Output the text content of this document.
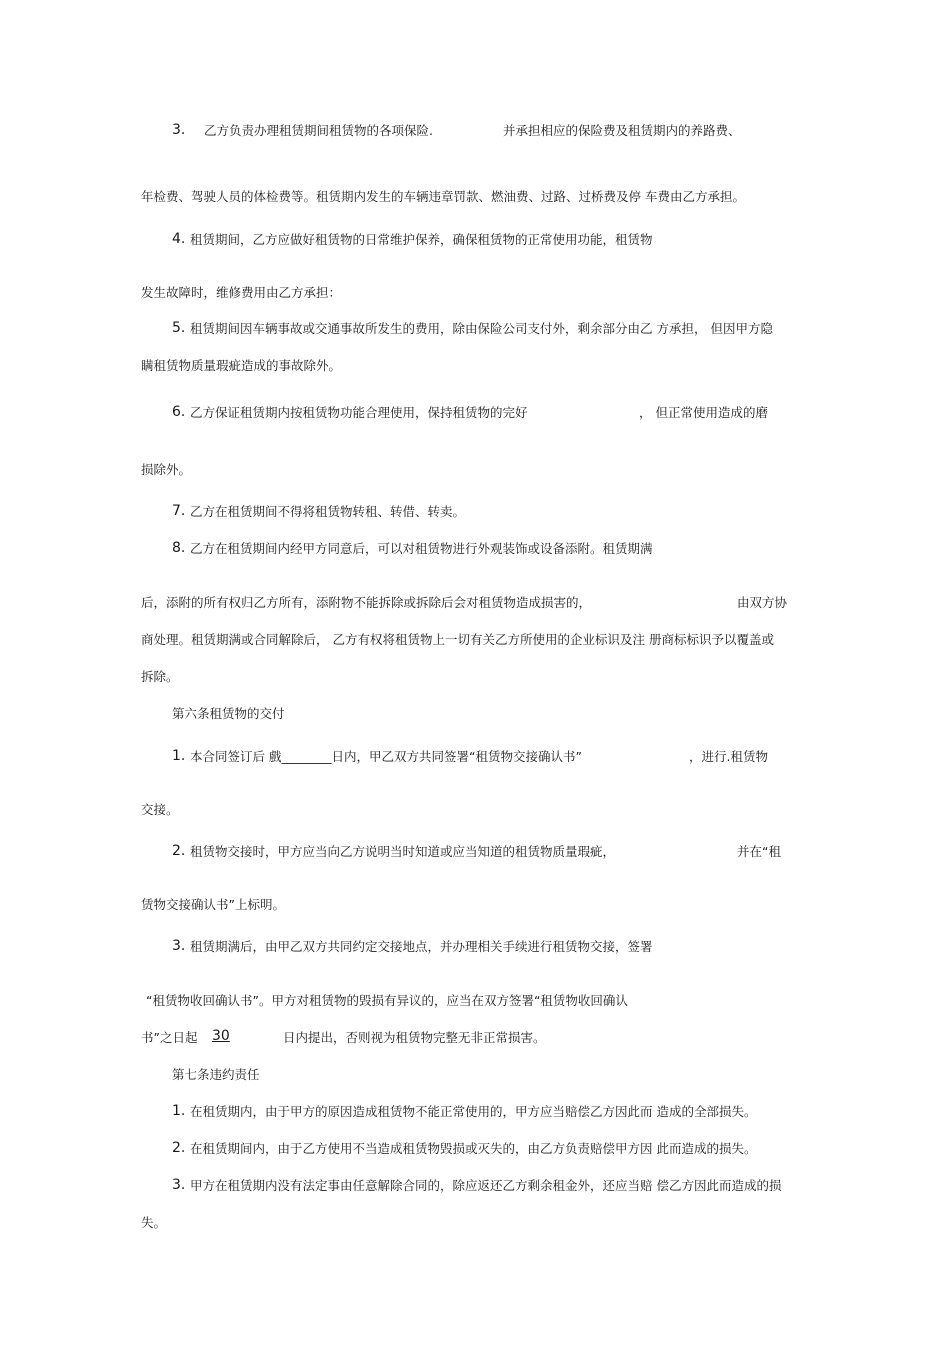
3. 乙方负责办理租赁期间租赁物的各项保险.	并承担相应的保险费及租赁期内的养路费、
年检费、驾驶人员的体检费等。租赁期内发生的车辆违章罚款、燃油费、过路、过桥费及停 车费由乙方承担。
4. 租赁期间，乙方应做好租赁物的日常维护保养，确保租赁物的正常使用功能，租赁物
发生故障时，维修费用由乙方承担：
5. 租赁期间因车辆事故或交通事故所发生的费用，除由保险公司支付外，剩余部分由乙 方承担， 但因甲方隐
瞒租赁物质量瑕疵造成的事故除外。
6. 乙方保证租赁期内按租赁物功能合理使用，保持租赁物的完好	， 但正常使用造成的磨
损除外。
7. 乙方在租赁期间不得将租赁物转租、转借、转卖。
8. 乙方在租赁期间内经甲方同意后，可以对租赁物进行外观装饰或设备添附。租赁期满
后，添附的所有权归乙方所有，添附物不能拆除或拆除后会对租赁物造成损害的，	由双方协
商处理。租赁期满或合同解除后， 乙方有权将租赁物上一切有关乙方所使用的企业标识及注 册商标标识予以覆盖或
拆除。
第六条租赁物的交付
1. 本合同签订后 戲________日内，甲乙双方共同签署“租赁物交接确认书”	，进行.租赁物
交接。
2. 租赁物交接时，甲方应当向乙方说明当时知道或应当知道的租赁物质量瑕疵，	并在“租
赁物交接确认书”上标明。
3. 租赁期满后，由甲乙双方共同约定交接地点，并办理相关手续进行租赁物交接，签署
“租赁物收回确认书”。甲方对租赁物的毁损有异议的，应当在双方签署“租赁物收回确认
书”之日起 30	日内提出，否则视为租赁物完整无非正常损害。
第七条违约责任
1. 在租赁期内，由于甲方的原因造成租赁物不能正常使用的，甲方应当赔偿乙方因此而 造成的全部损失。
2. 在租赁期间内，由于乙方使用不当造成租赁物毁损或灭失的，由乙方负责赔偿甲方因 此而造成的损失。
3. 甲方在租赁期内没有法定事由任意解除合同的，除应返还乙方剩余租金外，还应当赔 偿乙方因此而造成的损
失。
